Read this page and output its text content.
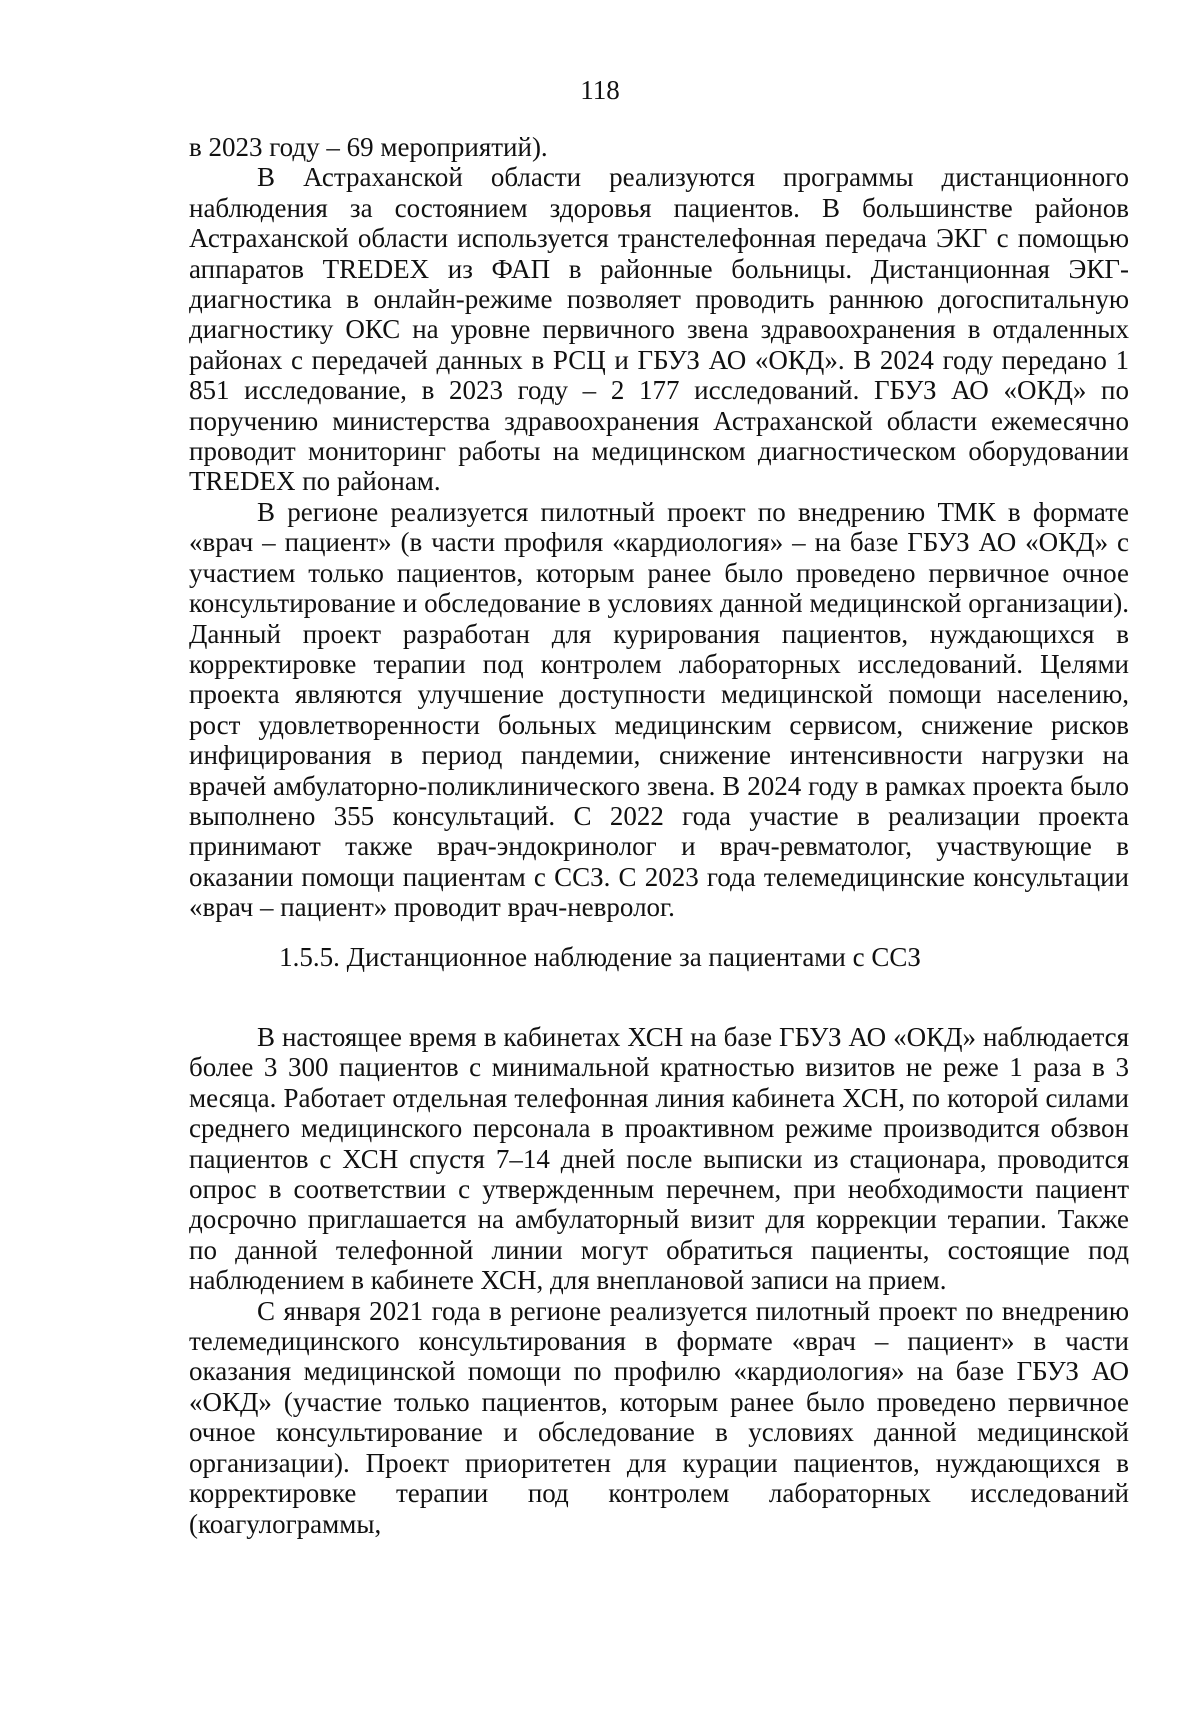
118

в 2023 году – 69 мероприятий).

В Астраханской области реализуются программы дистанционного наблюдения за состоянием здоровья пациентов. В большинстве районов Астраханской области используется транстелефонная передача ЭКГ с помощью аппаратов TREDEX из ФАП в районные больницы. Дистанционная ЭКГ-диагностика в онлайн-режиме позволяет проводить раннюю догоспитальную диагностику ОКС на уровне первичного звена здравоохранения в отдаленных районах с передачей данных в РСЦ и ГБУЗ АО «ОКД». В 2024 году передано 1 851 исследование, в 2023 году – 2 177 исследований. ГБУЗ АО «ОКД» по поручению министерства здравоохранения Астраханской области ежемесячно проводит мониторинг работы на медицинском диагностическом оборудовании TREDEX по районам.

В регионе реализуется пилотный проект по внедрению ТМК в формате «врач – пациент» (в части профиля «кардиология» – на базе ГБУЗ АО «ОКД» с участием только пациентов, которым ранее было проведено первичное очное консультирование и обследование в условиях данной медицинской организации). Данный проект разработан для курирования пациентов, нуждающихся в корректировке терапии под контролем лабораторных исследований. Целями проекта являются улучшение доступности медицинской помощи населению, рост удовлетворенности больных медицинским сервисом, снижение рисков инфицирования в период пандемии, снижение интенсивности нагрузки на врачей амбулаторно-поликлинического звена. В 2024 году в рамках проекта было выполнено 355 консультаций. С 2022 года участие в реализации проекта принимают также врач-эндокринолог и врач-ревматолог, участвующие в оказании помощи пациентам с ССЗ. С 2023 года телемедицинские консультации «врач – пациент» проводит врач-невролог.

1.5.5. Дистанционное наблюдение за пациентами с ССЗ

В настоящее время в кабинетах ХСН на базе ГБУЗ АО «ОКД» наблюдается более 3 300 пациентов с минимальной кратностью визитов не реже 1 раза в 3 месяца. Работает отдельная телефонная линия кабинета ХСН, по которой силами среднего медицинского персонала в проактивном режиме производится обзвон пациентов с ХСН спустя 7–14 дней после выписки из стационара, проводится опрос в соответствии с утвержденным перечнем, при необходимости пациент досрочно приглашается на амбулаторный визит для коррекции терапии. Также по данной телефонной линии могут обратиться пациенты, состоящие под наблюдением в кабинете ХСН, для внеплановой записи на прием.

С января 2021 года в регионе реализуется пилотный проект по внедрению телемедицинского консультирования в формате «врач – пациент» в части оказания медицинской помощи по профилю «кардиология» на базе ГБУЗ АО «ОКД» (участие только пациентов, которым ранее было проведено первичное очное консультирование и обследование в условиях данной медицинской организации). Проект приоритетен для курации пациентов, нуждающихся в корректировке терапии под контролем лабораторных исследований (коагулограммы,
